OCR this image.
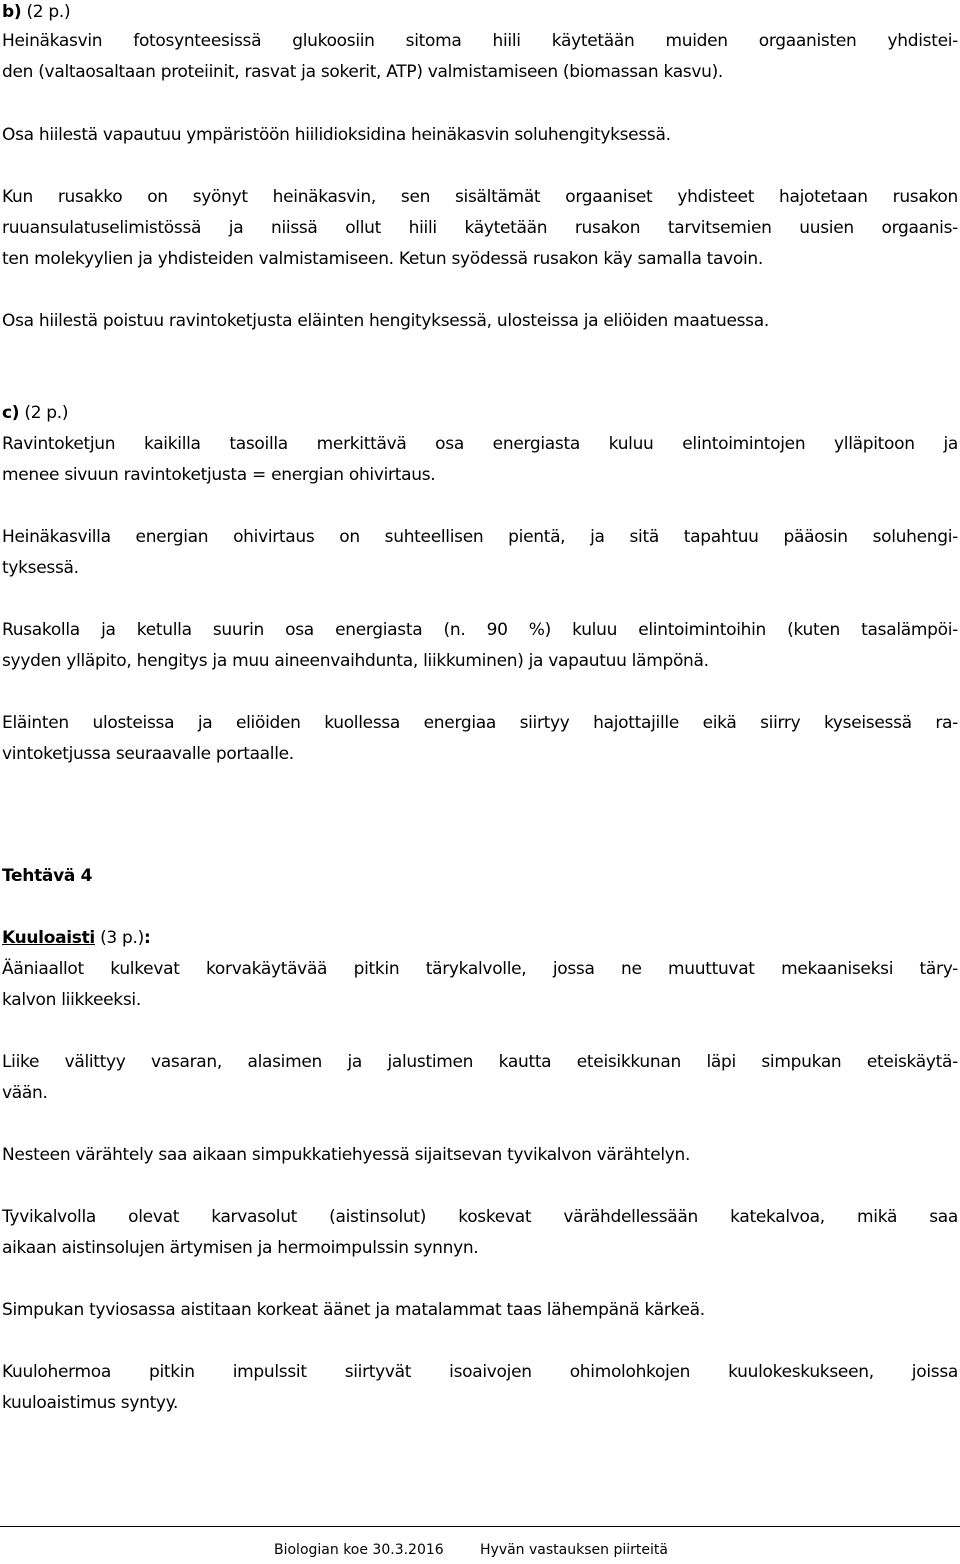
b) (2 p.)
Heinäkasvin fotosynteesissä glukoosiin sitoma hiili käytetään muiden orgaanisten yhdistei-
den (valtaosaltaan proteiinit, rasvat ja sokerit, ATP) valmistamiseen (biomassan kasvu).
Osa hiilestä vapautuu ympäristöön hiilidioksidina heinäkasvin soluhengityksessä.
Kun rusakko on syönyt heinäkasvin, sen sisältämät orgaaniset yhdisteet hajotetaan rusakon
ruuansulatuselimistössä ja niissä ollut hiili käytetään rusakon tarvitsemien uusien orgaanis-
ten molekyylien ja yhdisteiden valmistamiseen. Ketun syödessä rusakon käy samalla tavoin.
Osa hiilestä poistuu ravintoketjusta eläinten hengityksessä, ulosteissa ja eliöiden maatuessa.
c) (2 p.)
Ravintoketjun kaikilla tasoilla merkittävä osa energiasta kuluu elintoimintojen ylläpitoon ja
menee sivuun ravintoketjusta = energian ohivirtaus.
Heinäkasvilla energian ohivirtaus on suhteellisen pientä, ja sitä tapahtuu pääosin soluhengi-
tyksessä.
Rusakolla ja ketulla suurin osa energiasta (n. 90 %) kuluu elintoimintoihin (kuten tasalämpöi-
syyden ylläpito, hengitys ja muu aineenvaihdunta, liikkuminen) ja vapautuu lämpönä.
Eläinten ulosteissa ja eliöiden kuollessa energiaa siirtyy hajottajille eikä siirry kyseisessä ra-
vintoketjussa seuraavalle portaalle.
Tehtävä 4
Kuuloaisti (3 p.):
Ääniaallot kulkevat korvakäytävää pitkin tärykalvolle, jossa ne muuttuvat mekaaniseksi täry-
kalvon liikkeeksi.
Liike välittyy vasaran, alasimen ja jalustimen kautta eteisikkunan läpi simpukan eteiskäytä-
vään.
Nesteen värähtely saa aikaan simpukkatiehyessä sijaitsevan tyvikalvon värähtelyn.
Tyvikalvolla olevat karvasolut (aistinsolut) koskevat värähdellessään katekalvoa, mikä saa
aikaan aistinsolujen ärtymisen ja hermoimpulssin synnyn.
Simpukan tyviosassa aistitaan korkeat äänet ja matalammat taas lähempänä kärkeä.
Kuulohermoa pitkin impulssit siirtyvät isoaivojen ohimolohkojen kuulokeskukseen, joissa
kuuloaistimus syntyy.
Biologian koe 30.3.2016	Hyvän vastauksen piirteitä
